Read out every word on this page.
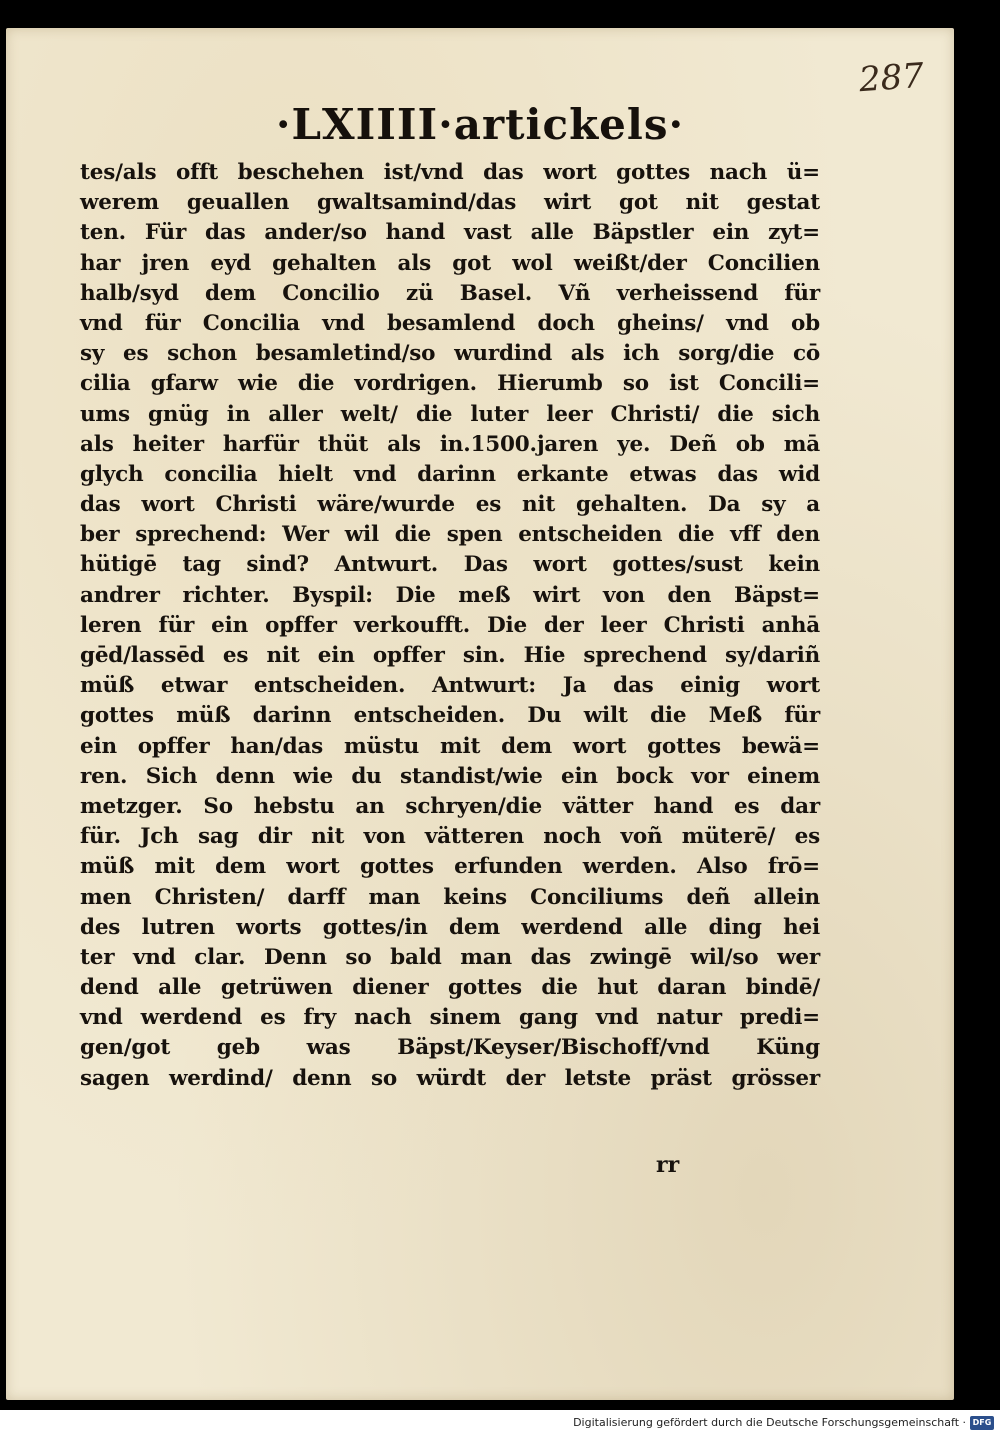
287
·LXIIII·artickels·
tes/als offt beschehen ist/vnd das wort gottes nach ü=
werem geuallen gwaltsamind/das wirt got nit gestat
ten. Für das ander/so hand vast alle Bäpstler ein zyt=
har jren eyd gehalten als got wol weißt/der Concilien
halb/syd dem Concilio zü Basel. Vñ verheissend für
vnd für Concilia vnd besamlend doch gheins/ vnd ob
sy es schon besamletind/so wurdind als ich sorg/die cō
cilia gfarw wie die vordrigen. Hierumb so ist Concili=
ums gnüg in aller welt/ die luter leer Christi/ die sich
als heiter harfür thüt als in.1500.jaren ye. Deñ ob mā
glych concilia hielt vnd darinn erkante etwas das wid
das wort Christi wäre/wurde es nit gehalten. Da sy a
ber sprechend: Wer wil die spen entscheiden die vff den
hütigē tag sind? Antwurt. Das wort gottes/sust kein
andrer richter. Byspil: Die meß wirt von den Bäpst=
leren für ein opffer verkoufft. Die der leer Christi anhā
gēd/lassēd es nit ein opffer sin. Hie sprechend sy/dariñ
müß etwar entscheiden. Antwurt: Ja das einig wort
gottes müß darinn entscheiden. Du wilt die Meß für
ein opffer han/das müstu mit dem wort gottes bewä=
ren. Sich denn wie du standist/wie ein bock vor einem
metzger. So hebstu an schryen/die vätter hand es dar
für. Jch sag dir nit von vätteren noch voñ müterē/ es
müß mit dem wort gottes erfunden werden. Also frō=
men Christen/ darff man keins Conciliums deñ allein
des lutren worts gottes/in dem werdend alle ding hei
ter vnd clar. Denn so bald man das zwingē wil/so wer
dend alle getrüwen diener gottes die hut daran bindē/
vnd werdend es fry nach sinem gang vnd natur predi=
gen/got geb was Bäpst/Keyser/Bischoff/vnd Küng
sagen werdind/ denn so würdt der letste präst grösser
rr
Digitalisierung gefördert durch die Deutsche Forschungsgemeinschaft · DFG
